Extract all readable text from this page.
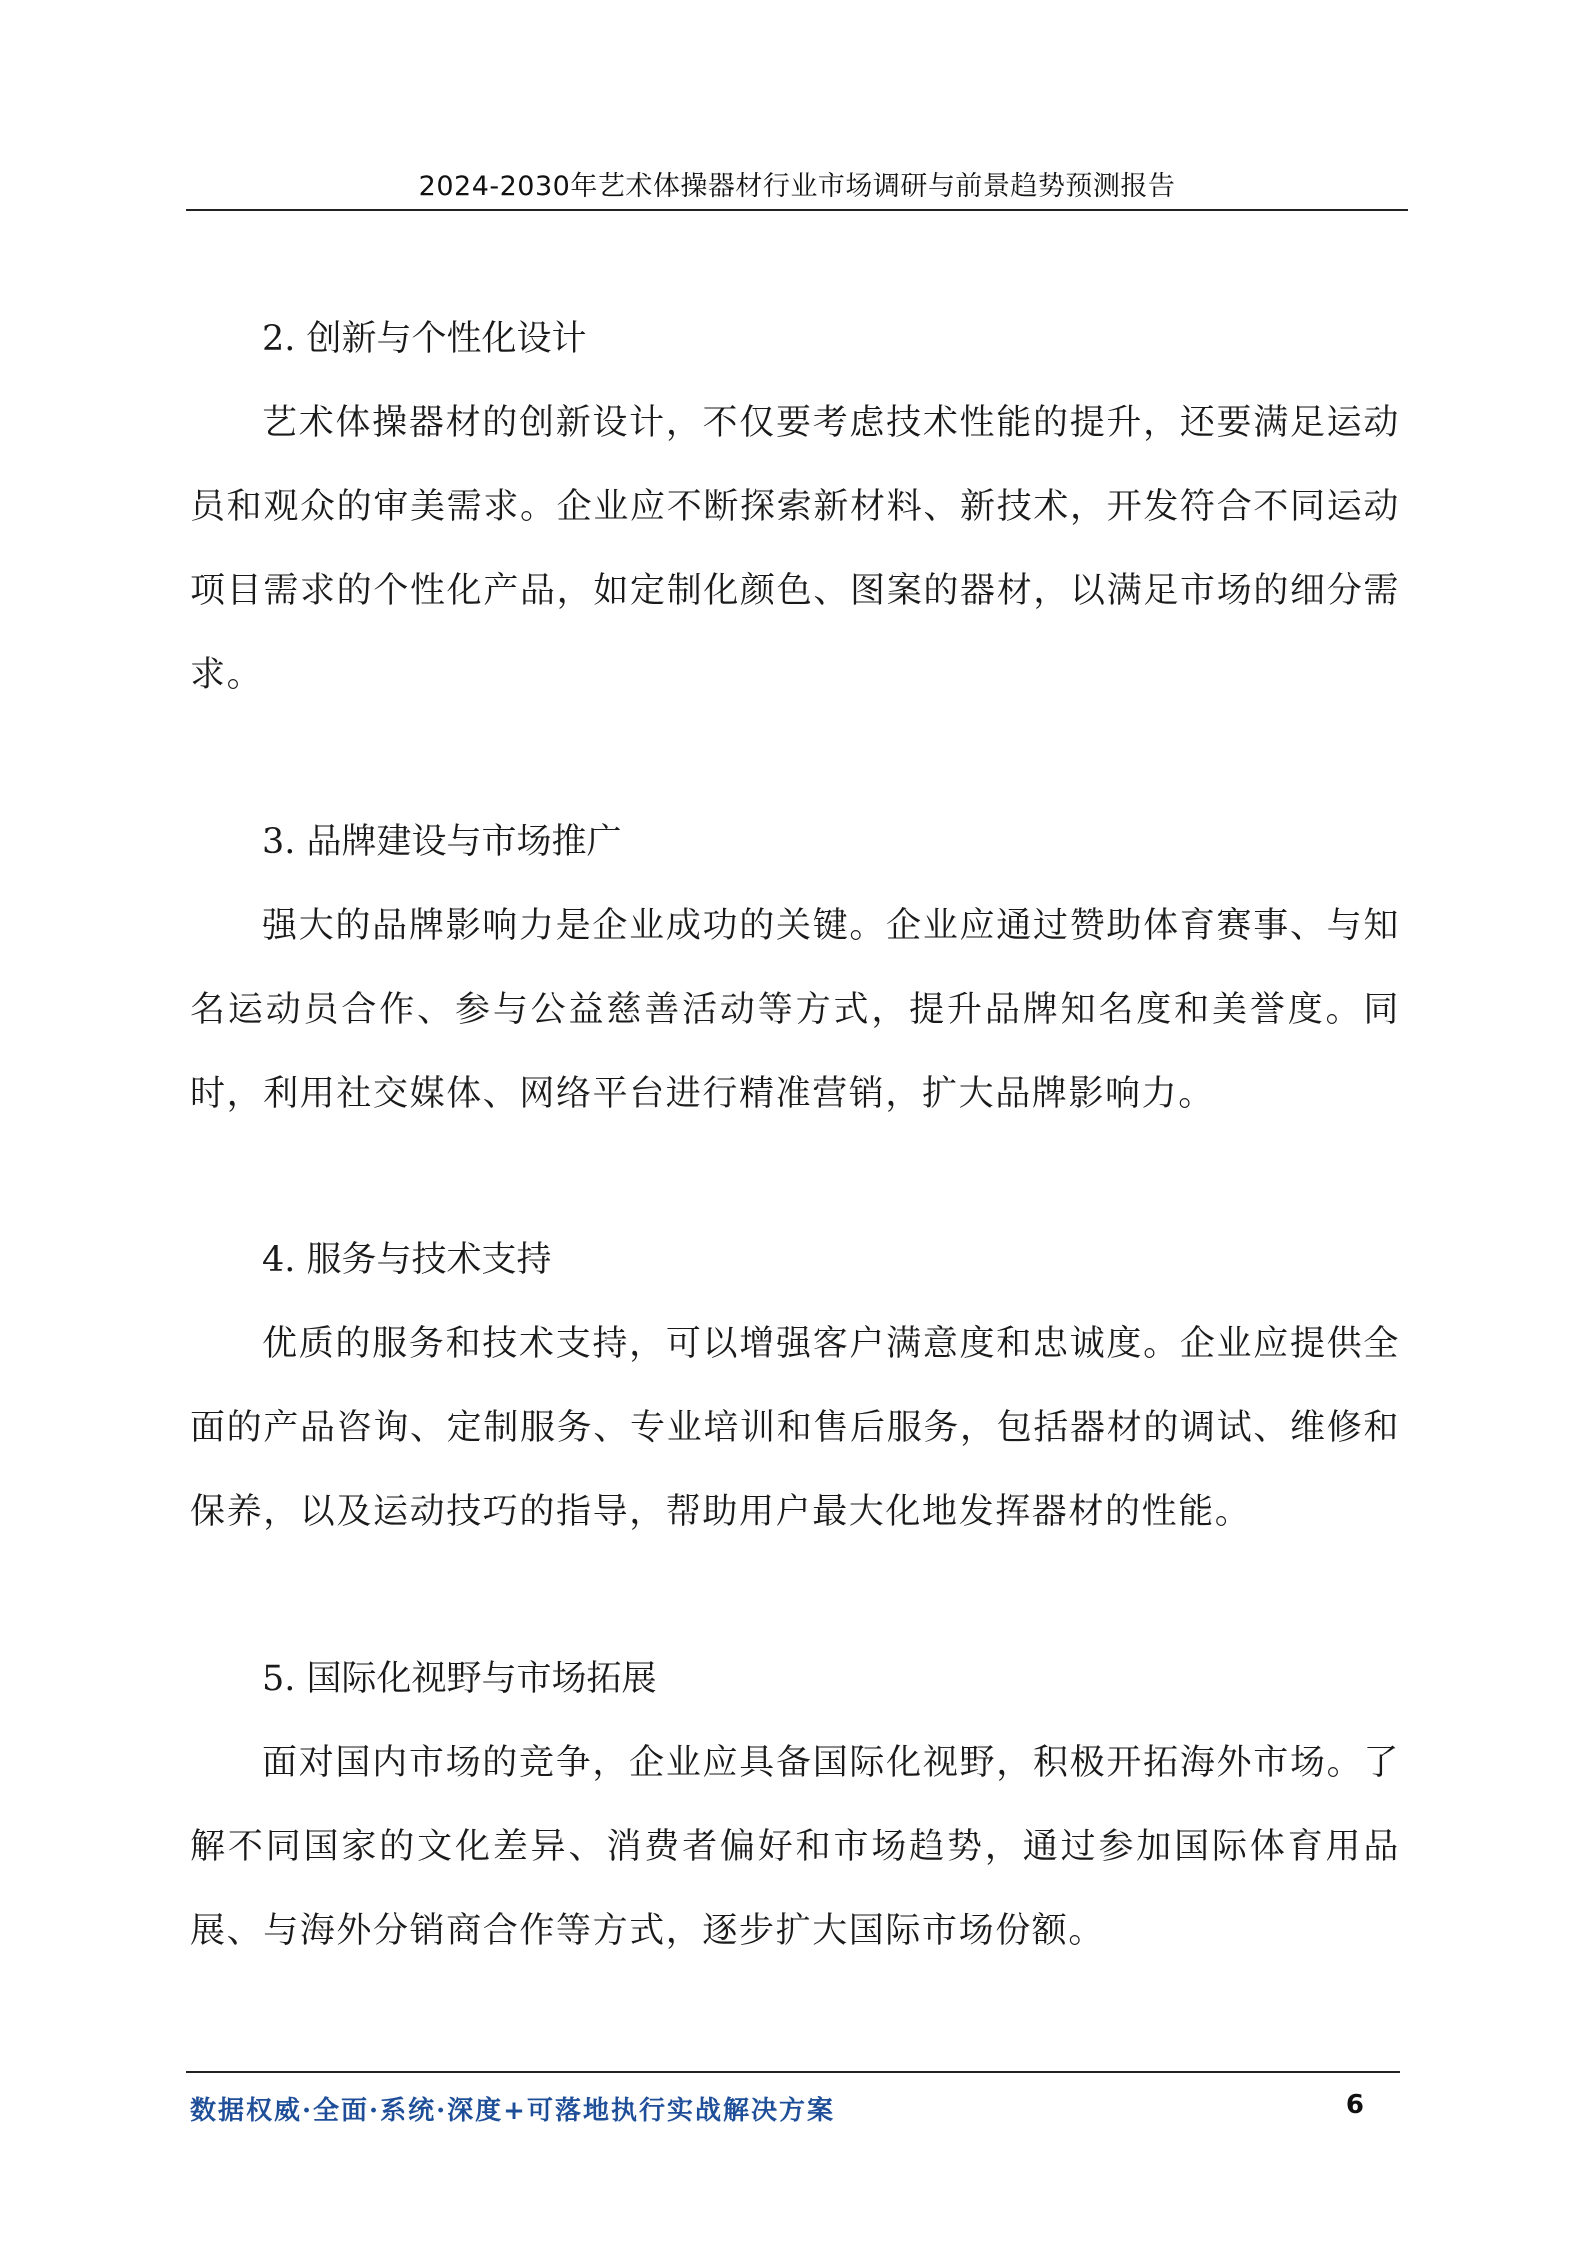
2024-2030年艺术体操器材行业市场调研与前景趋势预测报告
2. 创新与个性化设计

艺术体操器材的创新设计，不仅要考虑技术性能的提升，还要满足运动员和观众的审美需求。企业应不断探索新材料、新技术，开发符合不同运动项目需求的个性化产品，如定制化颜色、图案的器材，以满足市场的细分需求。

3. 品牌建设与市场推广

强大的品牌影响力是企业成功的关键。企业应通过赞助体育赛事、与知名运动员合作、参与公益慈善活动等方式，提升品牌知名度和美誉度。同时，利用社交媒体、网络平台进行精准营销，扩大品牌影响力。

4. 服务与技术支持

优质的服务和技术支持，可以增强客户满意度和忠诚度。企业应提供全面的产品咨询、定制服务、专业培训和售后服务，包括器材的调试、维修和保养，以及运动技巧的指导，帮助用户最大化地发挥器材的性能。

5. 国际化视野与市场拓展

面对国内市场的竞争，企业应具备国际化视野，积极开拓海外市场。了解不同国家的文化差异、消费者偏好和市场趋势，通过参加国际体育用品展、与海外分销商合作等方式，逐步扩大国际市场份额。

数据权威·全面·系统·深度+可落地执行实战解决方案	6
